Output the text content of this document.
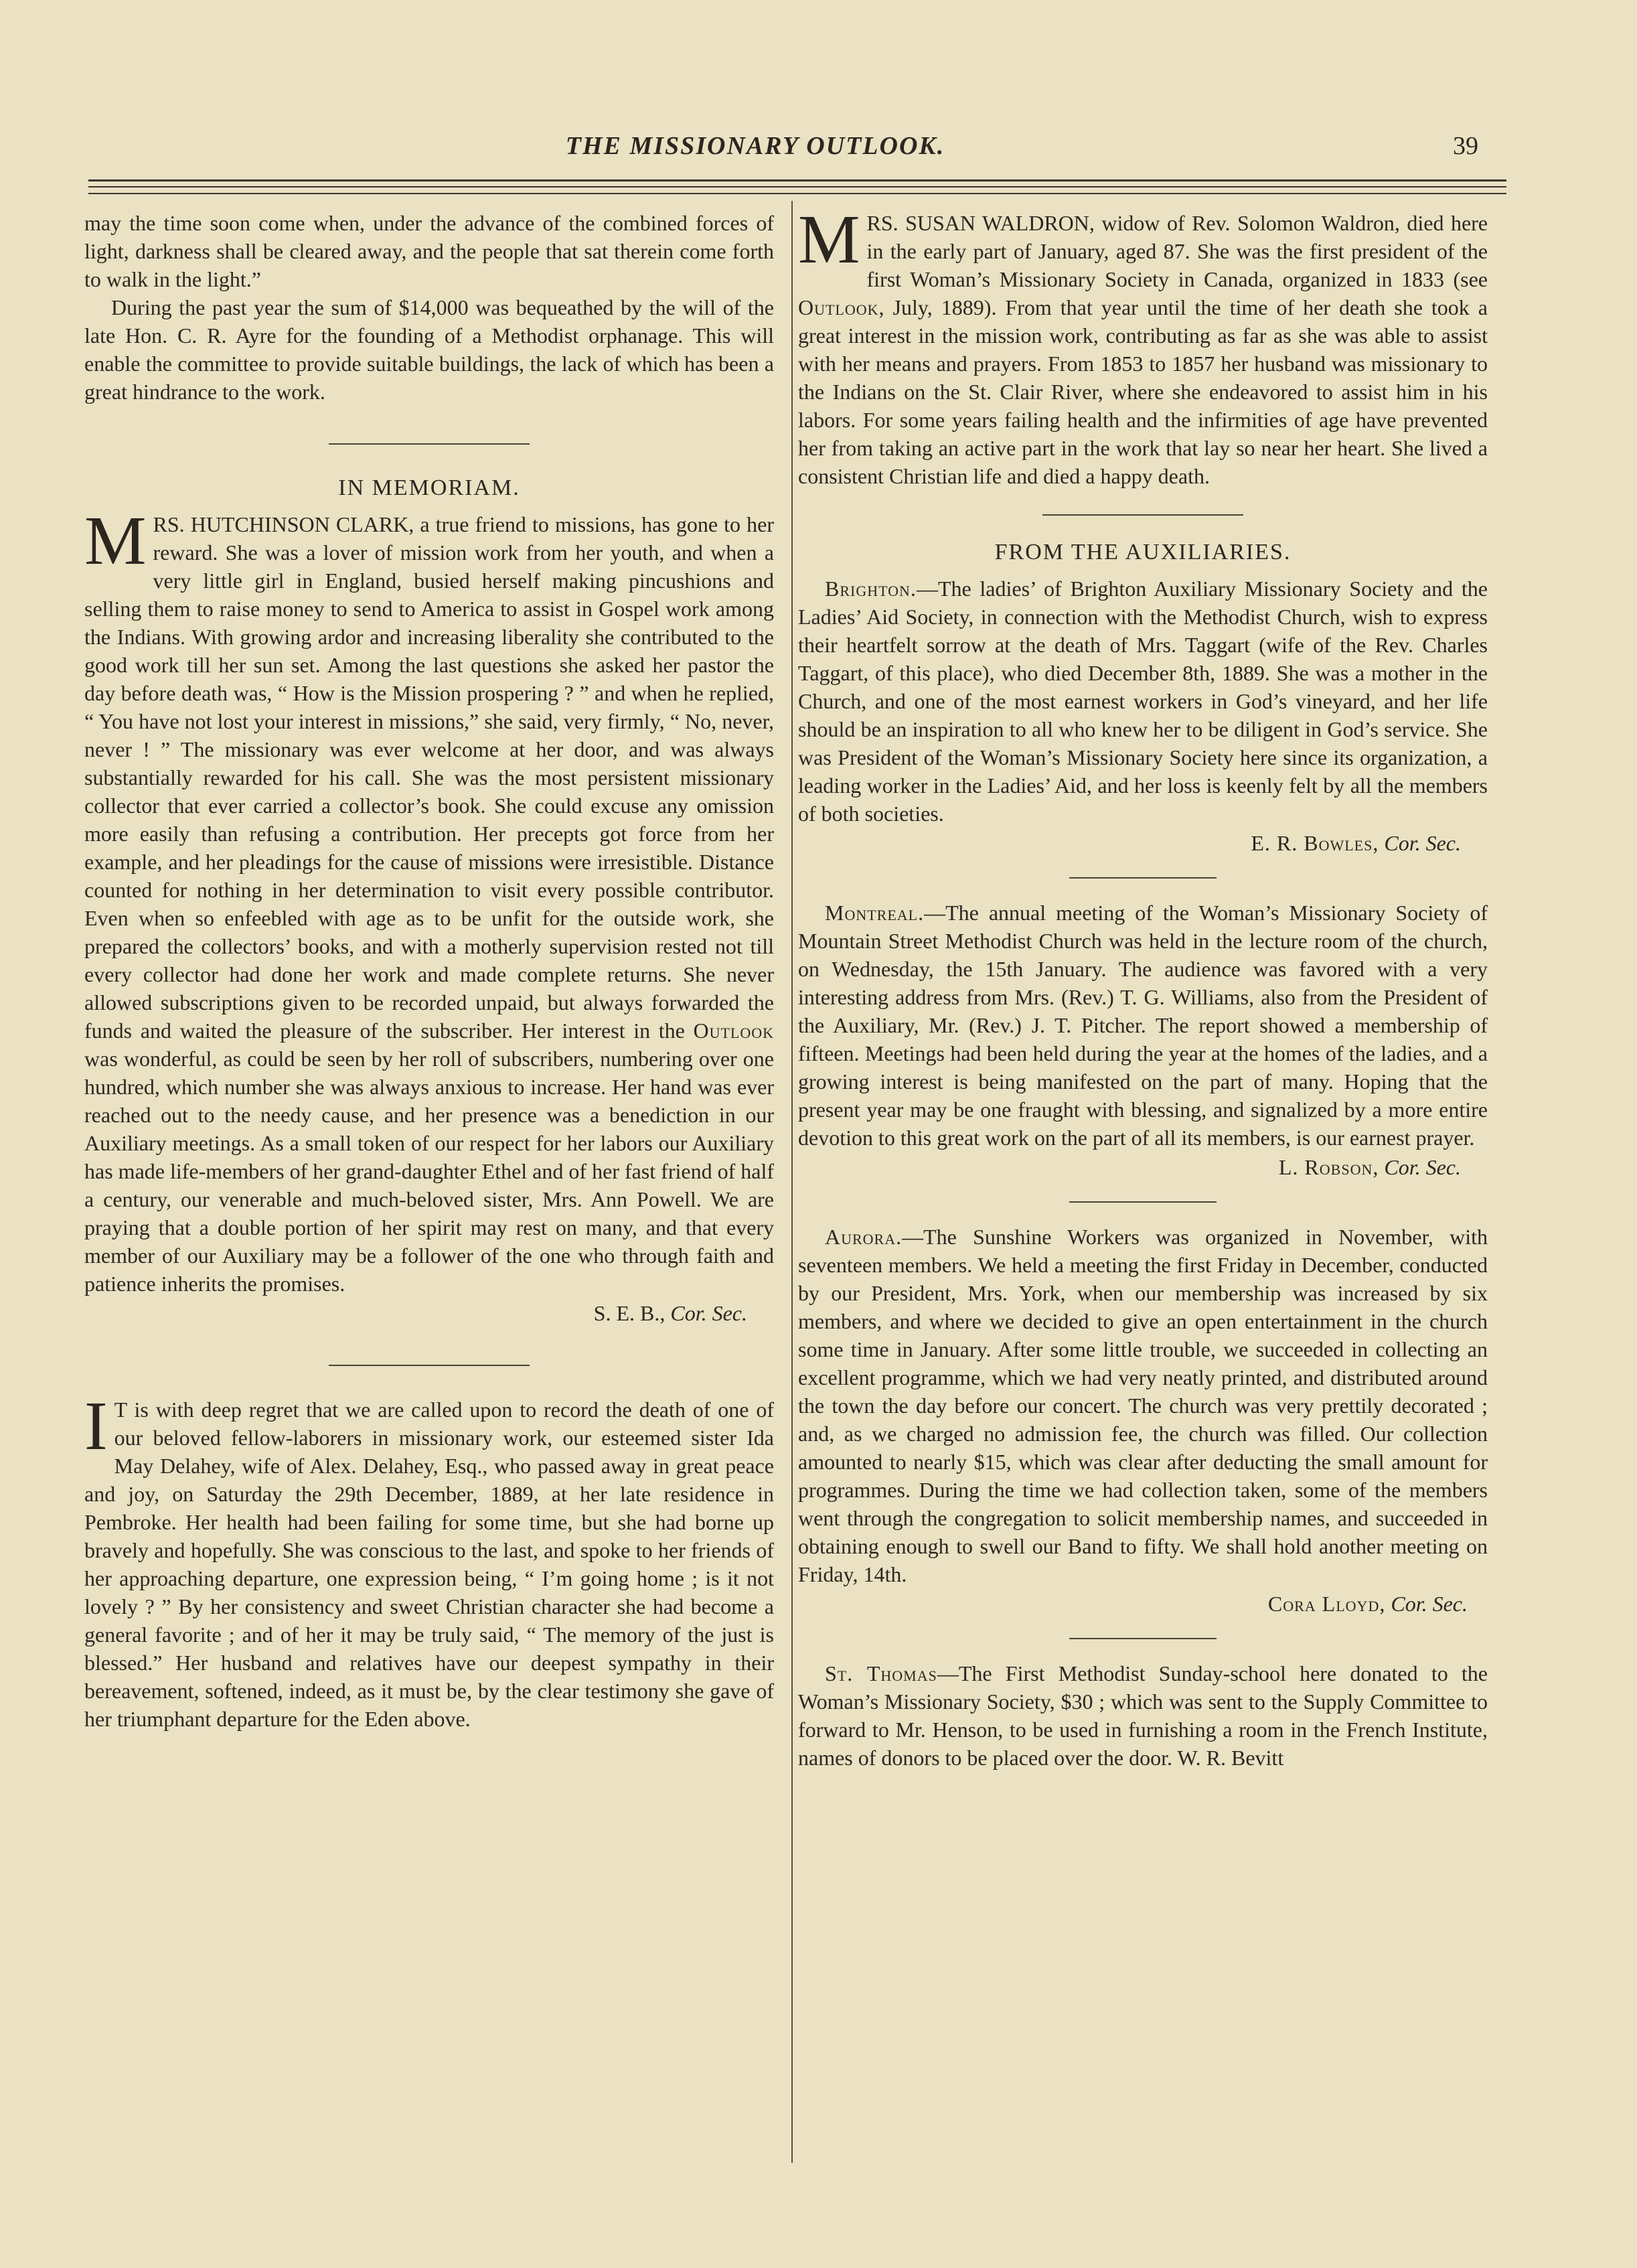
THE MISSIONARY OUTLOOK.	39

may the time soon come when, under the advance of the combined forces of light, darkness shall be cleared away, and the people that sat therein come forth to walk in the light.”

During the past year the sum of $14,000 was bequeathed by the will of the late Hon. C. R. Ayre for the founding of a Methodist orphanage. This will enable the committee to provide suitable buildings, the lack of which has been a great hindrance to the work.

IN MEMORIAM.

MRS. HUTCHINSON CLARK, a true friend to missions, has gone to her reward. She was a lover of mission work from her youth, and when a very little girl in England, busied herself making pincushions and selling them to raise money to send to America to assist in Gospel work among the Indians. With growing ardor and increasing liberality she contributed to the good work till her sun set. Among the last questions she asked her pastor the day before death was, “ How is the Mission prospering ? ” and when he replied, “ You have not lost your interest in missions,” she said, very firmly, “ No, never, never ! ” The missionary was ever welcome at her door, and was always substantially rewarded for his call. She was the most persistent missionary collector that ever carried a collector’s book. She could excuse any omission more easily than refusing a contribution. Her precepts got force from her example, and her pleadings for the cause of missions were irresistible. Distance counted for nothing in her determination to visit every possible contributor. Even when so enfeebled with age as to be unfit for the outside work, she prepared the collectors’ books, and with a motherly supervision rested not till every collector had done her work and made complete returns. She never allowed subscriptions given to be recorded unpaid, but always forwarded the funds and waited the pleasure of the subscriber. Her interest in the Outlook was wonderful, as could be seen by her roll of subscribers, numbering over one hundred, which number she was always anxious to increase. Her hand was ever reached out to the needy cause, and her presence was a benediction in our Auxiliary meetings. As a small token of our respect for her labors our Auxiliary has made life-members of her grand-daughter Ethel and of her fast friend of half a century, our venerable and much-beloved sister, Mrs. Ann Powell. We are praying that a double portion of her spirit may rest on many, and that every member of our Auxiliary may be a follower of the one who through faith and patience inherits the promises.

S. E. B., Cor. Sec.

I T is with deep regret that we are called upon to record the death of one of our beloved fellow-laborers in missionary work, our esteemed sister Ida May Delahey, wife of Alex. Delahey, Esq., who passed away in great peace and joy, on Saturday the 29th December, 1889, at her late residence in Pembroke. Her health had been failing for some time, but she had borne up bravely and hopefully. She was conscious to the last, and spoke to her friends of her approaching departure, one expression being, “ I’m going home ; is it not lovely ? ” By her consistency and sweet Christian character she had become a general favorite ; and of her it may be truly said, “ The memory of the just is blessed.” Her husband and relatives have our deepest sympathy in their bereavement, softened, indeed, as it must be, by the clear testimony she gave of her triumphant departure for the Eden above.

MRS. SUSAN WALDRON, widow of Rev. Solomon Waldron, died here in the early part of January, aged 87. She was the first president of the first Woman’s Missionary Society in Canada, organized in 1833 (see Outlook, July, 1889). From that year until the time of her death she took a great interest in the mission work, contributing as far as she was able to assist with her means and prayers. From 1853 to 1857 her husband was missionary to the Indians on the St. Clair River, where she endeavored to assist him in his labors. For some years failing health and the infirmities of age have prevented her from taking an active part in the work that lay so near her heart. She lived a consistent Christian life and died a happy death.

FROM THE AUXILIARIES.

Brighton.—The ladies’ of Brighton Auxiliary Missionary Society and the Ladies’ Aid Society, in connection with the Methodist Church, wish to express their heartfelt sorrow at the death of Mrs. Taggart (wife of the Rev. Charles Taggart, of this place), who died December 8th, 1889. She was a mother in the Church, and one of the most earnest workers in God’s vineyard, and her life should be an inspiration to all who knew her to be diligent in God’s service. She was President of the Woman’s Missionary Society here since its organization, a leading worker in the Ladies’ Aid, and her loss is keenly felt by all the members of both societies.

E. R. Bowles, Cor. Sec.

Montreal.—The annual meeting of the Woman’s Missionary Society of Mountain Street Methodist Church was held in the lecture room of the church, on Wednesday, the 15th January. The audience was favored with a very interesting address from Mrs. (Rev.) T. G. Williams, also from the President of the Auxiliary, Mr. (Rev.) J. T. Pitcher. The report showed a membership of fifteen. Meetings had been held during the year at the homes of the ladies, and a growing interest is being manifested on the part of many. Hoping that the present year may be one fraught with blessing, and signalized by a more entire devotion to this great work on the part of all its members, is our earnest prayer.

L. Robson, Cor. Sec.

Aurora.—The Sunshine Workers was organized in November, with seventeen members. We held a meeting the first Friday in December, conducted by our President, Mrs. York, when our membership was increased by six members, and where we decided to give an open entertainment in the church some time in January. After some little trouble, we succeeded in collecting an excellent programme, which we had very neatly printed, and distributed around the town the day before our concert. The church was very prettily decorated ; and, as we charged no admission fee, the church was filled. Our collection amounted to nearly $15, which was clear after deducting the small amount for programmes. During the time we had collection taken, some of the members went through the congregation to solicit membership names, and succeeded in obtaining enough to swell our Band to fifty. We shall hold another meeting on Friday, 14th.

Cora Lloyd, Cor. Sec.

St. Thomas—The First Methodist Sunday-school here donated to the Woman’s Missionary Society, $30 ; which was sent to the Supply Committee to forward to Mr. Henson, to be used in furnishing a room in the French Institute, names of donors to be placed over the door. W. R. Bevitt
